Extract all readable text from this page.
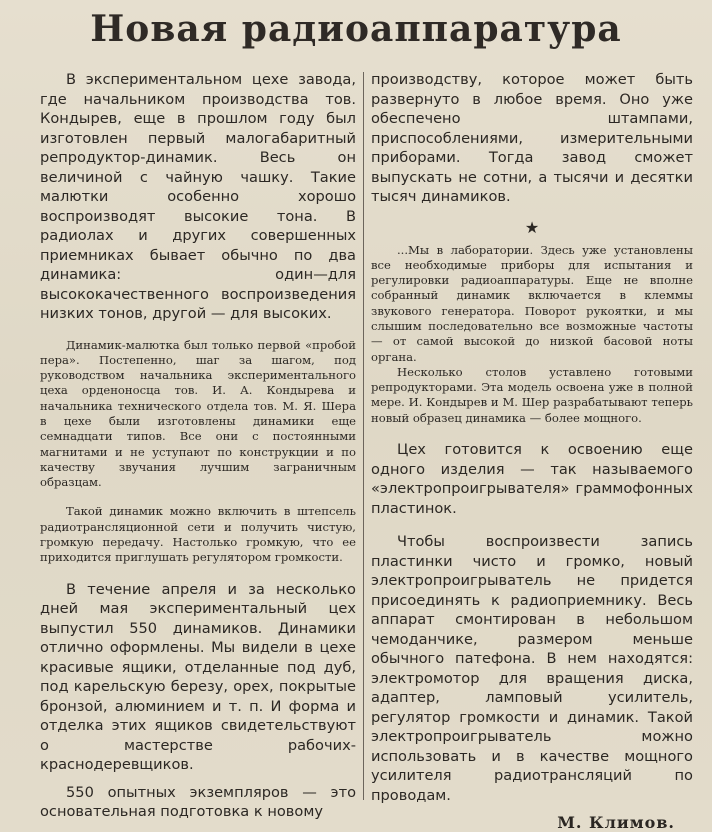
Новая радиоаппаратура

В экспериментальном цехе завода, где начальником производства тов. Кондырев, еще в прошлом году был изготовлен первый малогабаритный репродуктор-динамик. Весь он величиной с чайную чашку. Такие малютки особенно хорошо воспроизводят высокие тона. В радиолах и других совершенных приемниках бывает обычно по два динамика: один—для высококачественного воспроизведения низких тонов, другой — для высоких.

Динамик-малютка был только первой «пробой пера». Постепенно, шаг за шагом, под руководством начальника экспериментального цеха орденоносца тов. И. А. Кондырева и начальника технического отдела тов. М. Я. Шера в цехе были изготовлены динамики еще семнадцати типов. Все они с постоянными магнитами и не уступают по конструкции и по качеству звучания лучшим заграничным образцам.

Такой динамик можно включить в штепсель радиотрансляционной сети и получить чистую, громкую передачу. Настолько громкую, что ее приходится приглушать регулятором громкости.

В течение апреля и за несколько дней мая экспериментальный цех выпустил 550 динамиков. Динамики отлично оформлены. Мы видели в цехе красивые ящики, отделанные под дуб, под карельскую березу, орех, покрытые бронзой, алюминием и т. п. И форма и отделка этих ящиков свидетельствуют о мастерстве рабочих-краснодеревщиков.

550 опытных экземпляров — это основательная подготовка к новому

производству, которое может быть развернуто в любое время. Оно уже обеспечено штампами, приспособлениями, измерительными приборами. Тогда завод сможет выпускать не сотни, а тысячи и десятки тысяч динамиков.

★

...Мы в лаборатории. Здесь уже установлены все необходимые приборы для испытания и регулировки радиоаппаратуры. Еще не вполне собранный динамик включается в клеммы звукового генератора. Поворот рукоятки, и мы слышим последовательно все возможные частоты — от самой высокой до низкой басовой ноты органа.

Несколько столов уставлено готовыми репродукторами. Эта модель освоена уже в полной мере. И. Кондырев и М. Шер разрабатывают теперь новый образец динамика — более мощного.

Цех готовится к освоению еще одного изделия — так называемого «электропроигрывателя» граммофонных пластинок.

Чтобы воспроизвести запись пластинки чисто и громко, новый электропроигрыватель не придется присоединять к радиоприемнику. Весь аппарат смонтирован в небольшом чемоданчике, размером меньше обычного патефона. В нем находятся: электромотор для вращения диска, адаптер, ламповый усилитель, регулятор громкости и динамик. Такой электропроигрыватель можно использовать и в качестве мощного усилителя радиотрансляций по проводам.

М. Климов.
